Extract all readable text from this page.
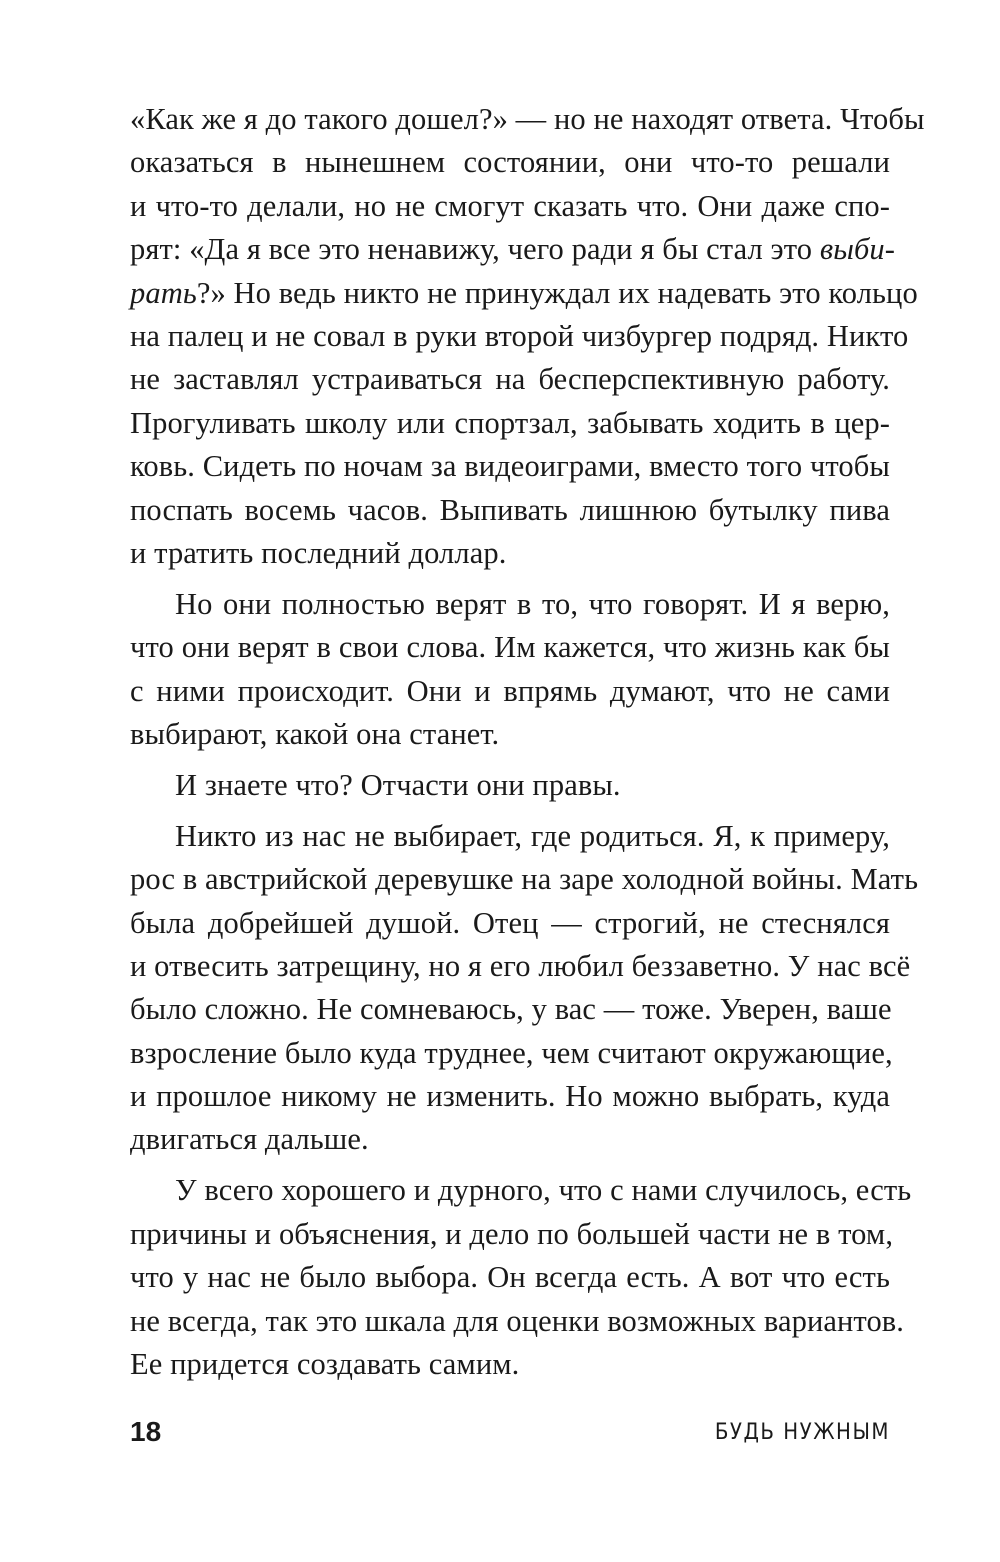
«Как же я до такого дошел?» — но не находят ответа. Чтобы
оказаться в нынешнем состоянии, они что-то решали
и что-то делали, но не смогут сказать что. Они даже спо-
рят: «Да я все это ненавижу, чего ради я бы стал это выби-
рать?» Но ведь никто не принуждал их надевать это кольцо
на палец и не совал в руки второй чизбургер подряд. Никто
не заставлял устраиваться на бесперспективную работу.
Прогуливать школу или спортзал, забывать ходить в цер-
ковь. Сидеть по ночам за видеоиграми, вместо того чтобы
поспать восемь часов. Выпивать лишнюю бутылку пива
и тратить последний доллар.
Но они полностью верят в то, что говорят. И я верю,
что они верят в свои слова. Им кажется, что жизнь как бы
с ними происходит. Они и впрямь думают, что не сами
выбирают, какой она станет.
И знаете что? Отчасти они правы.
Никто из нас не выбирает, где родиться. Я, к примеру,
рос в австрийской деревушке на заре холодной войны. Мать
была добрейшей душой. Отец — строгий, не стеснялся
и отвесить затрещину, но я его любил беззаветно. У нас всё
было сложно. Не сомневаюсь, у вас — тоже. Уверен, ваше
взросление было куда труднее, чем считают окружающие,
и прошлое никому не изменить. Но можно выбрать, куда
двигаться дальше.
У всего хорошего и дурного, что с нами случилось, есть
причины и объяснения, и дело по большей части не в том,
что у нас не было выбора. Он всегда есть. А вот что есть
не всегда, так это шкала для оценки возможных вариантов.
Ее придется создавать самим.
18	БУДЬ НУЖНЫМ
